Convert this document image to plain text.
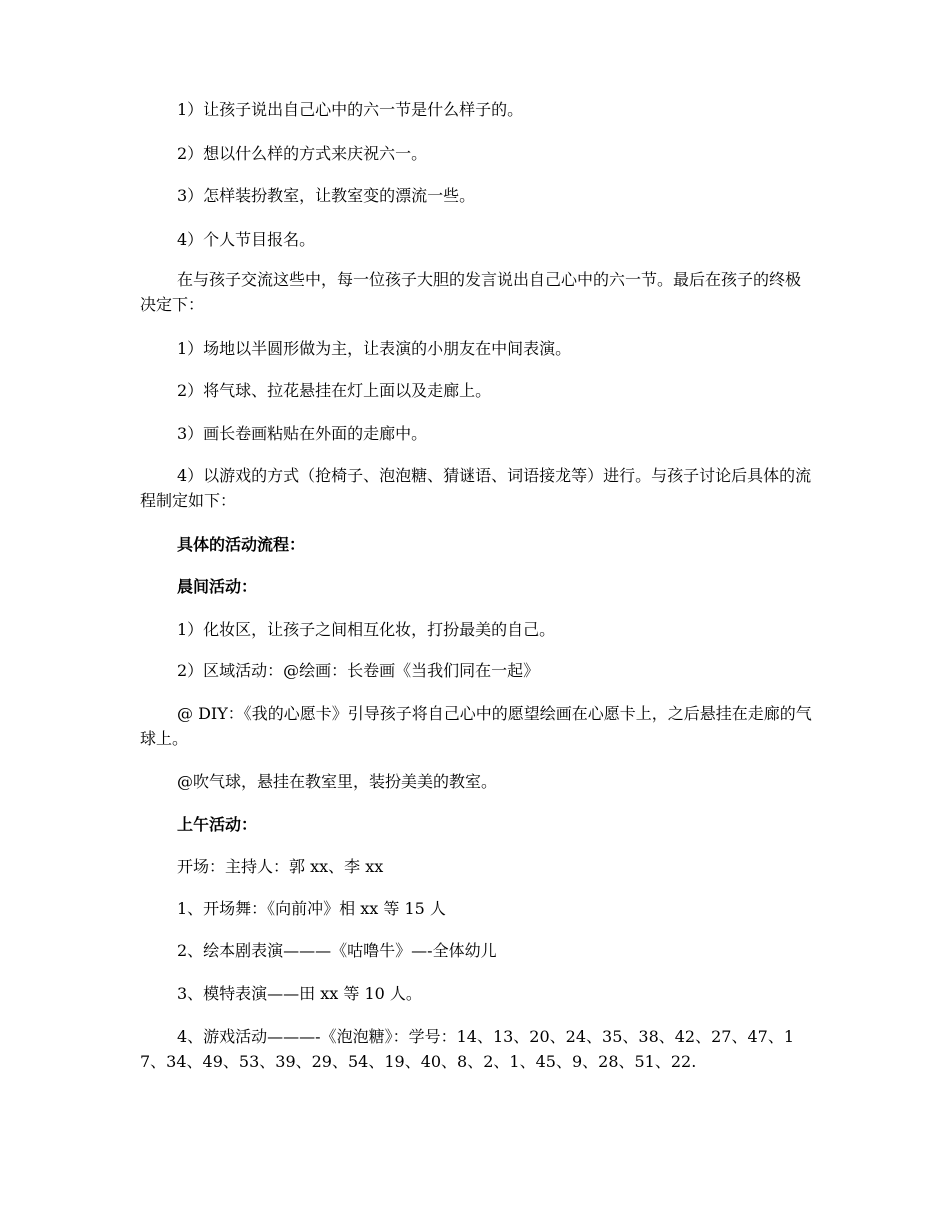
1）让孩子说出自己心中的六一节是什么样子的。

2）想以什么样的方式来庆祝六一。

3）怎样装扮教室，让教室变的漂流一些。

4）个人节目报名。

在与孩子交流这些中，每一位孩子大胆的发言说出自己心中的六一节。最后在孩子的终极决定下：

1）场地以半圆形做为主，让表演的小朋友在中间表演。

2）将气球、拉花悬挂在灯上面以及走廊上。

3）画长卷画粘贴在外面的走廊中。

4）以游戏的方式（抢椅子、泡泡糖、猜谜语、词语接龙等）进行。与孩子讨论后具体的流程制定如下：

具体的活动流程：

晨间活动：

1）化妆区，让孩子之间相互化妆，打扮最美的自己。

2）区域活动：@绘画：长卷画《当我们同在一起》

@ DIY：《我的心愿卡》引导孩子将自己心中的愿望绘画在心愿卡上，之后悬挂在走廊的气球上。

@吹气球，悬挂在教室里，装扮美美的教室。

上午活动：

开场：主持人：郭 xx、李 xx

1、开场舞：《向前冲》相 xx 等 15 人

2、绘本剧表演———《咕噜牛》—-全体幼儿

3、模特表演——田 xx 等 10 人。

4、游戏活动———-《泡泡糖》：学号：14、13、20、24、35、38、42、27、47、17、34、49、53、39、29、54、19、40、8、2、1、45、9、28、51、22.
